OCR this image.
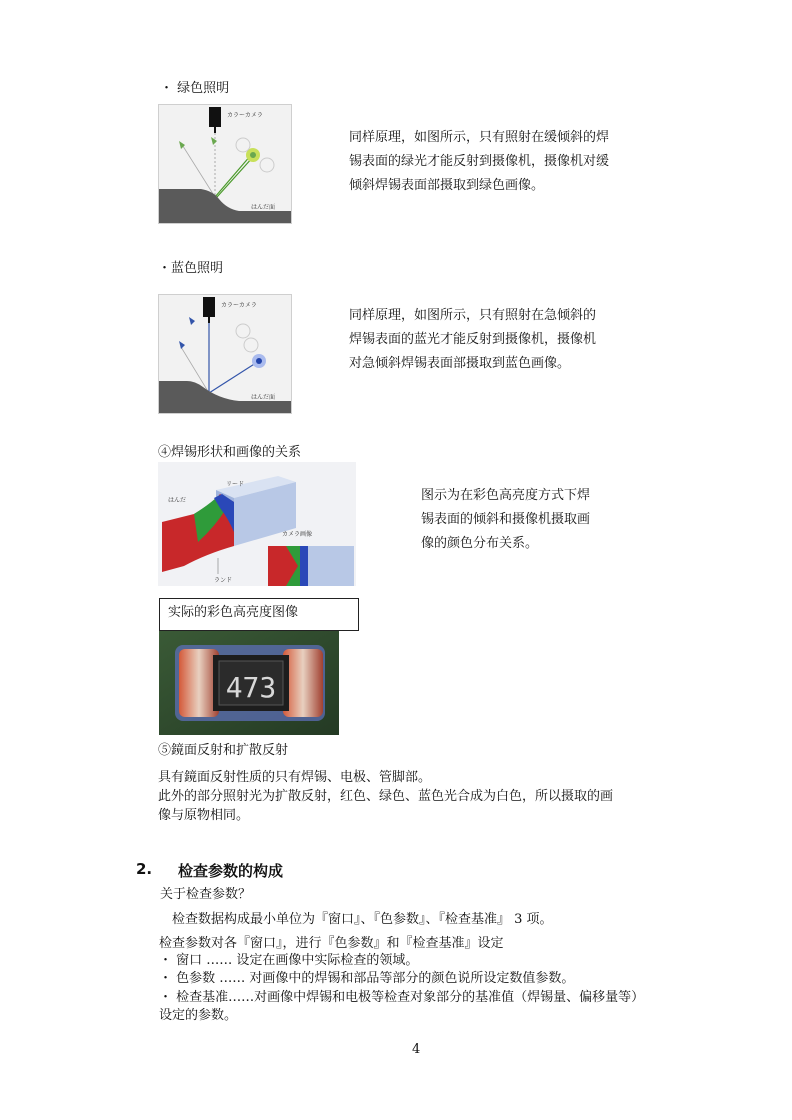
・ 绿色照明
カラーカメラ
はんだ面
同样原理，如图所示，只有照射在缓倾斜的焊
锡表面的绿光才能反射到摄像机，摄像机对缓
倾斜焊锡表面部摄取到绿色画像。
・蓝色照明
カラーカメラ
はんだ面
同样原理，如图所示，只有照射在急倾斜的
焊锡表面的蓝光才能反射到摄像机，摄像机
对急倾斜焊锡表面部摄取到蓝色画像。
④焊锡形状和画像的关系
リード
はんだ
カメラ画像
ランド
图示为在彩色高亮度方式下焊
锡表面的倾斜和摄像机摄取画
像的颜色分布关系。
实际的彩色高亮度图像
473
⑤鏡面反射和扩散反射
具有鏡面反射性质的只有焊锡、电极、管脚部。
此外的部分照射光为扩散反射，红色、绿色、蓝色光合成为白色，所以摄取的画
像与原物相同。
2. 检查参数的构成
关于检查参数？
检查数据构成最小单位为『窗口』、『色参数』、『检查基准』 3 项。
检查参数对各『窗口』，进行『色参数』和『检查基准』设定
・ 窗口 …… 设定在画像中实际检查的领域。
・ 色参数 …… 对画像中的焊锡和部品等部分的颜色说所设定数值参数。
・ 检查基准……对画像中焊锡和电极等检查对象部分的基准值（焊锡量、偏移量等）
设定的参数。
4
